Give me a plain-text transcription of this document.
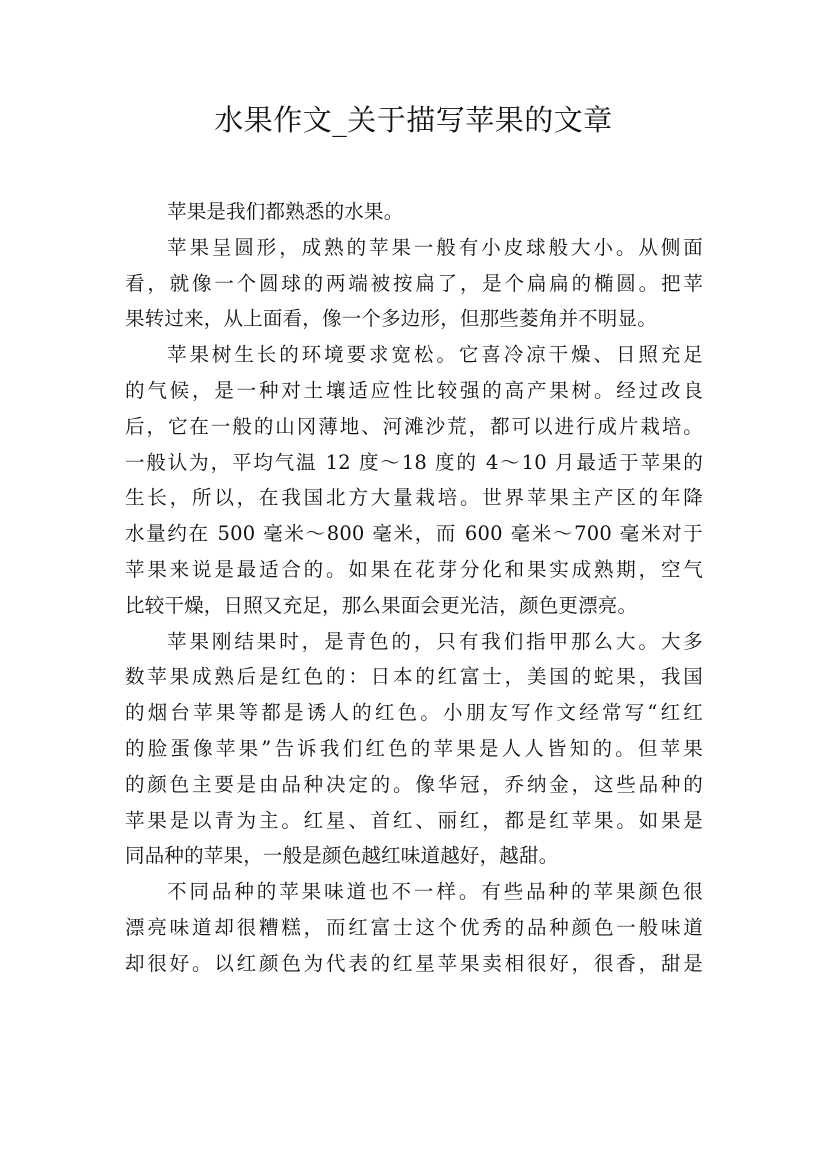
水果作文_关于描写苹果的文章
苹果是我们都熟悉的水果。
苹果呈圆形，成熟的苹果一般有小皮球般大小。从侧面
看，就像一个圆球的两端被按扁了，是个扁扁的椭圆。把苹
果转过来，从上面看，像一个多边形，但那些菱角并不明显。
苹果树生长的环境要求宽松。它喜冷凉干燥、日照充足
的气候，是一种对土壤适应性比较强的高产果树。经过改良
后，它在一般的山冈薄地、河滩沙荒，都可以进行成片栽培。
一般认为，平均气温 12 度～18 度的 4～10 月最适于苹果的
生长，所以，在我国北方大量栽培。世界苹果主产区的年降
水量约在 500 毫米～800 毫米，而 600 毫米～700 毫米对于
苹果来说是最适合的。如果在花芽分化和果实成熟期，空气
比较干燥，日照又充足，那么果面会更光洁，颜色更漂亮。
苹果刚结果时，是青色的，只有我们指甲那么大。大多
数苹果成熟后是红色的：日本的红富士，美国的蛇果，我国
的烟台苹果等都是诱人的红色。小朋友写作文经常写“红红
的脸蛋像苹果”告诉我们红色的苹果是人人皆知的。但苹果
的颜色主要是由品种决定的。像华冠，乔纳金，这些品种的
苹果是以青为主。红星、首红、丽红，都是红苹果。如果是
同品种的苹果，一般是颜色越红味道越好，越甜。
不同品种的苹果味道也不一样。有些品种的苹果颜色很
漂亮味道却很糟糕，而红富士这个优秀的品种颜色一般味道
却很好。以红颜色为代表的红星苹果卖相很好，很香，甜是
